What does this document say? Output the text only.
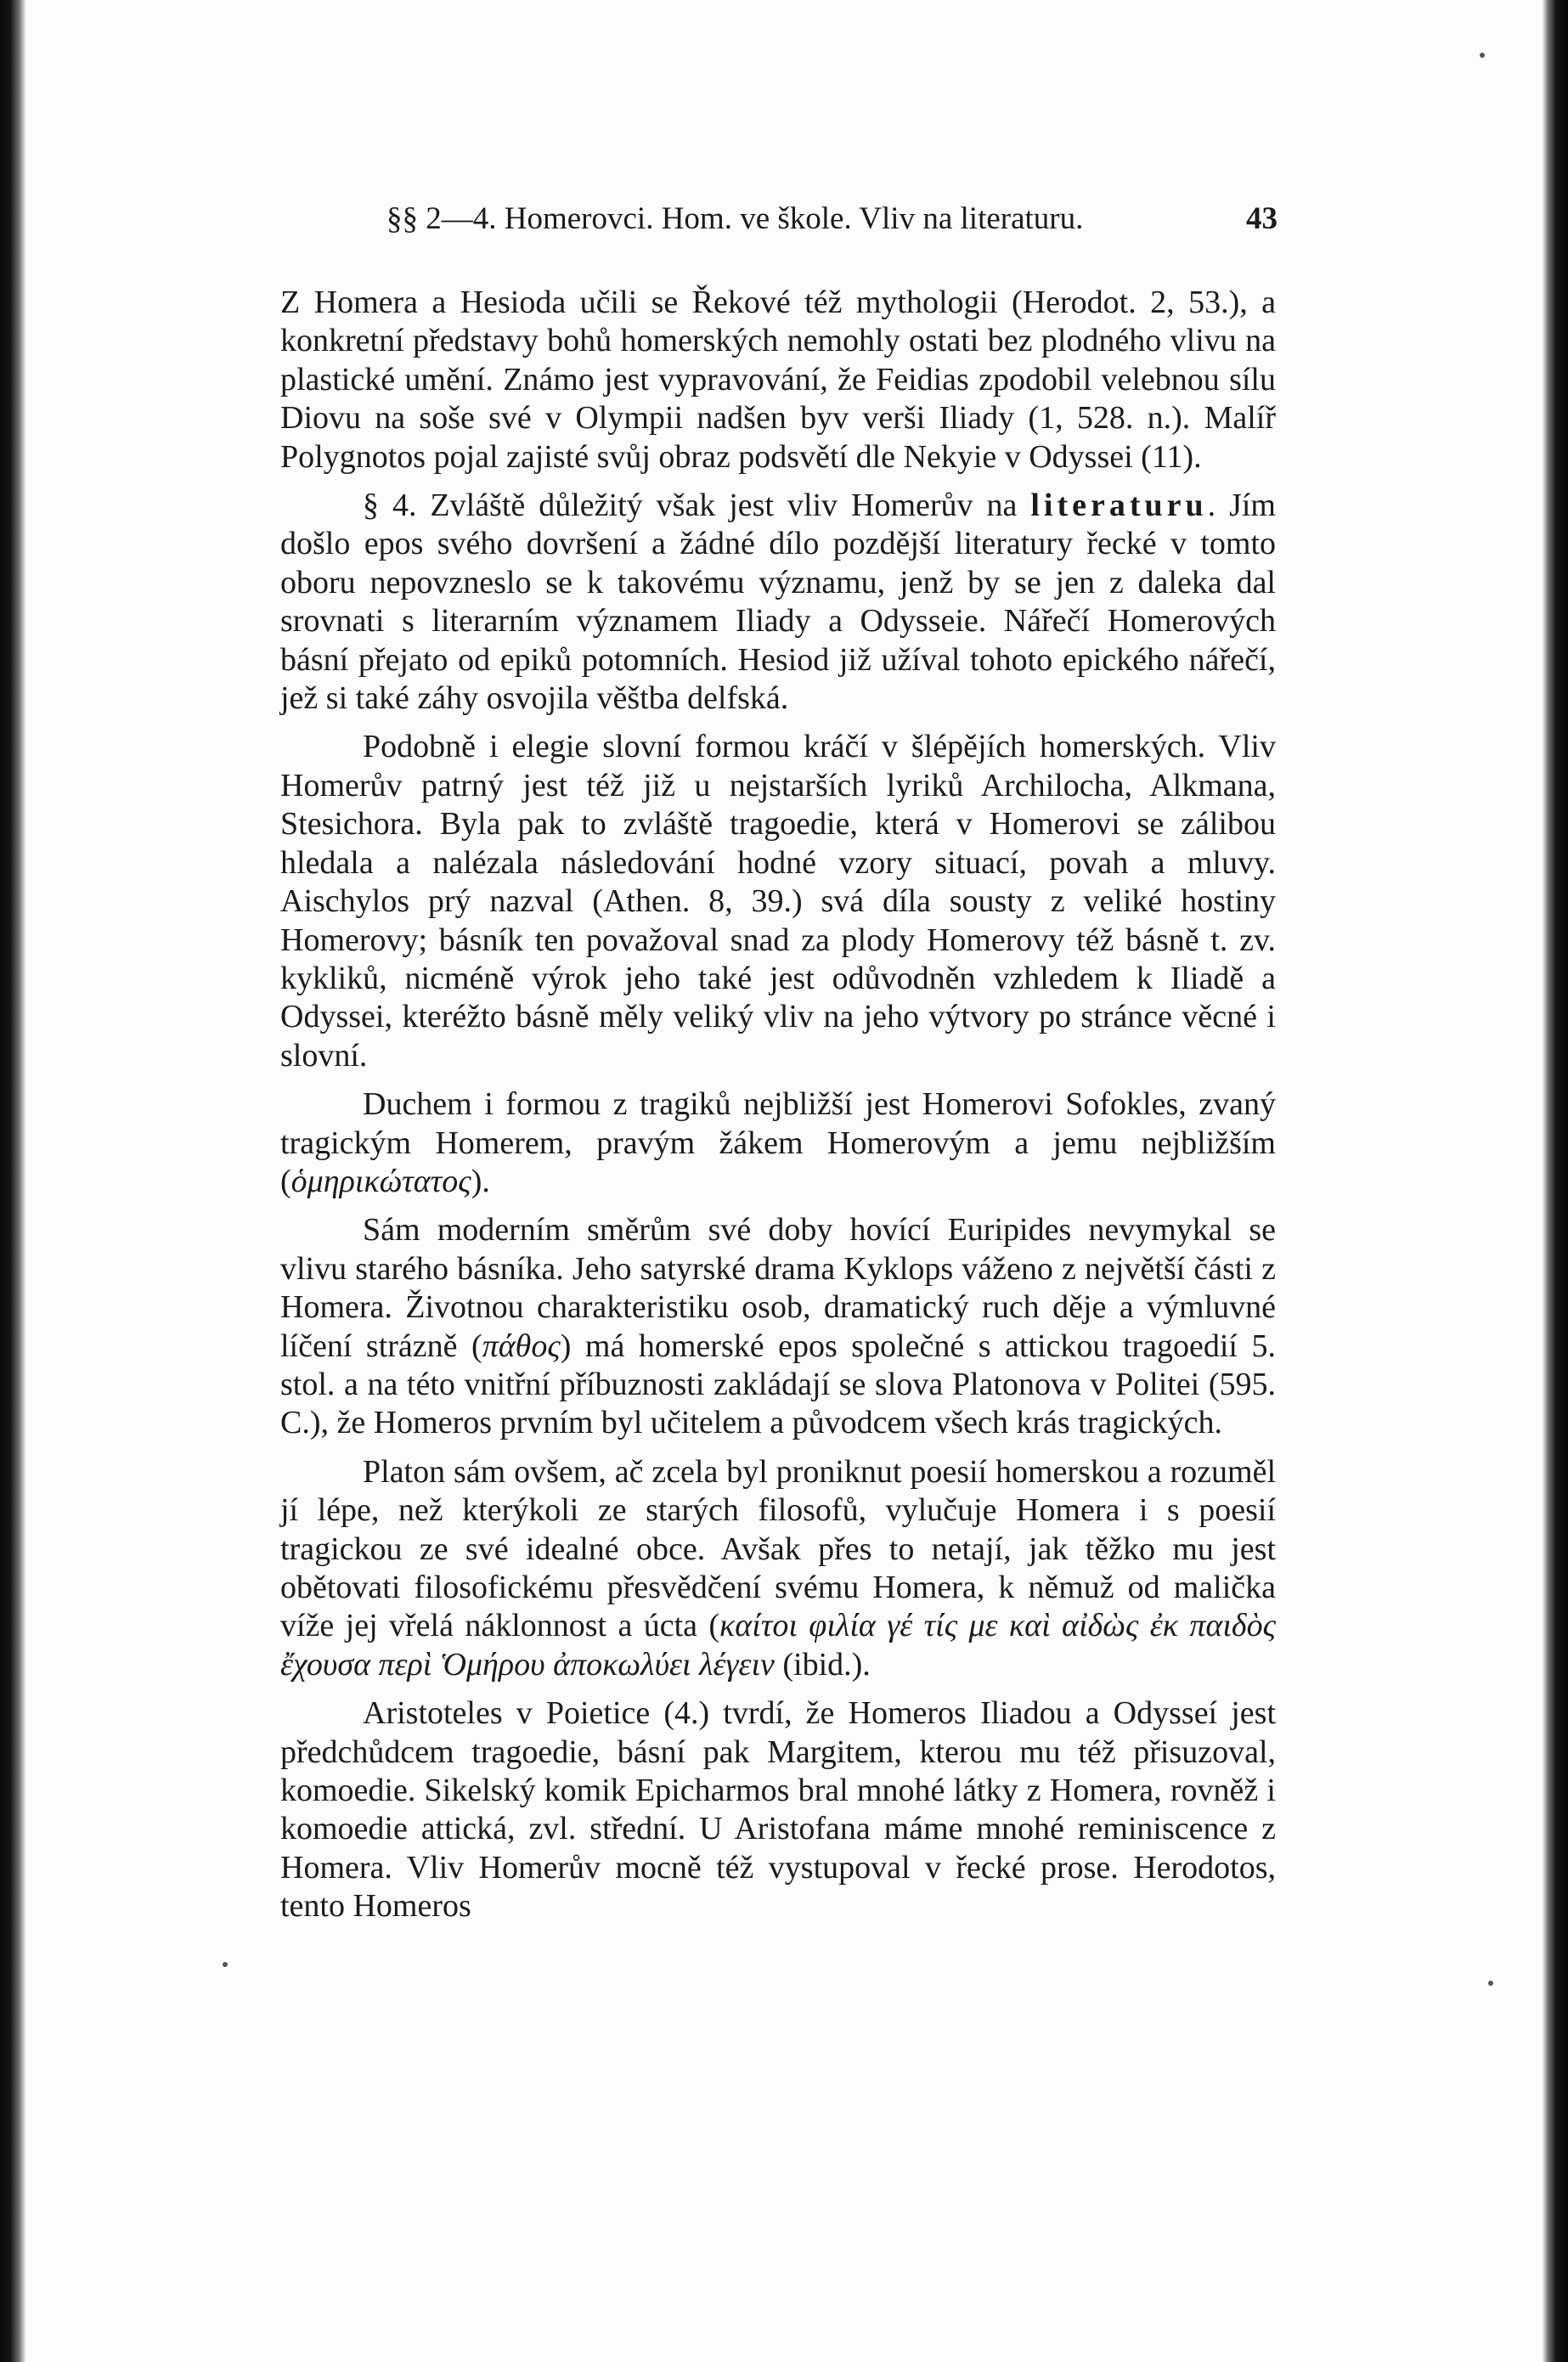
§§ 2—4. Homerovci. Hom. ve škole. Vliv na literaturu.	43

Z Homera a Hesioda učili se Řekové též mythologii (Herodot. 2, 53.), a konkretní představy bohů homerských nemohly ostati bez plodného vlivu na plastické umění. Známo jest vypravování, že Feidias zpodobil velebnou sílu Diovu na soše své v Olympii nadšen byv verši Iliady (1, 528. n.). Malíř Polygnotos pojal zajisté svůj obraz podsvětí dle Nekyie v Odyssei (11).

§ 4. Zvláště důležitý však jest vliv Homerův na literaturu. Jím došlo epos svého dovršení a žádné dílo pozdější literatury řecké v tomto oboru nepovzneslo se k takovému významu, jenž by se jen z daleka dal srovnati s literarním významem Iliady a Odysseie. Nářečí Homerových básní přejato od epiků potomních. Hesiod již užíval tohoto epického nářečí, jež si také záhy osvojila věštba delfská.

Podobně i elegie slovní formou kráčí v šlépějích homerských. Vliv Homerův patrný jest též již u nejstarších lyriků Archilocha, Alkmana, Stesichora. Byla pak to zvláště tragoedie, která v Homerovi se zálibou hledala a nalézala následování hodné vzory situací, povah a mluvy. Aischylos prý nazval (Athen. 8, 39.) svá díla sousty z veliké hostiny Homerovy; básník ten považoval snad za plody Homerovy též básně t. zv. kykliků, nicméně výrok jeho také jest odůvodněn vzhledem k Iliadě a Odyssei, kteréžto básně měly veliký vliv na jeho výtvory po stránce věcné i slovní.

Duchem i formou z tragiků nejbližší jest Homerovi Sofokles, zvaný tragickým Homerem, pravým žákem Homerovým a jemu nejbližším (ὁμηρικώτατος).

Sám moderním směrům své doby hovící Euripides nevymykal se vlivu starého básníka. Jeho satyrské drama Kyklops váženo z největší části z Homera. Životnou charakteristiku osob, dramatický ruch děje a výmluvné líčení strázně (πάθος) má homerské epos společné s attickou tragoedií 5. stol. a na této vnitřní příbuznosti zakládají se slova Platonova v Politei (595. C.), že Homeros prvním byl učitelem a původcem všech krás tragických.

Platon sám ovšem, ač zcela byl proniknut poesií homerskou a rozuměl jí lépe, než kterýkoli ze starých filosofů, vylučuje Homera i s poesií tragickou ze své idealné obce. Avšak přes to netají, jak těžko mu jest obětovati filosofickému přesvědčení svému Homera, k němuž od malička víže jej vřelá náklonnost a úcta (καίτοι φιλία γέ τίς με καὶ αἰδὼς ἐκ παιδὸς ἔχουσα περὶ Ὁμήρου ἀποκωλύει λέγειν (ibid.).

Aristoteles v Poietice (4.) tvrdí, že Homeros Iliadou a Odysseí jest předchůdcem tragoedie, básní pak Margitem, kterou mu též přisuzoval, komoedie. Sikelský komik Epicharmos bral mnohé látky z Homera, rovněž i komoedie attická, zvl. střední. U Aristofana máme mnohé reminiscence z Homera. Vliv Homerův mocně též vystupoval v řecké prose. Herodotos, tento Homeros
